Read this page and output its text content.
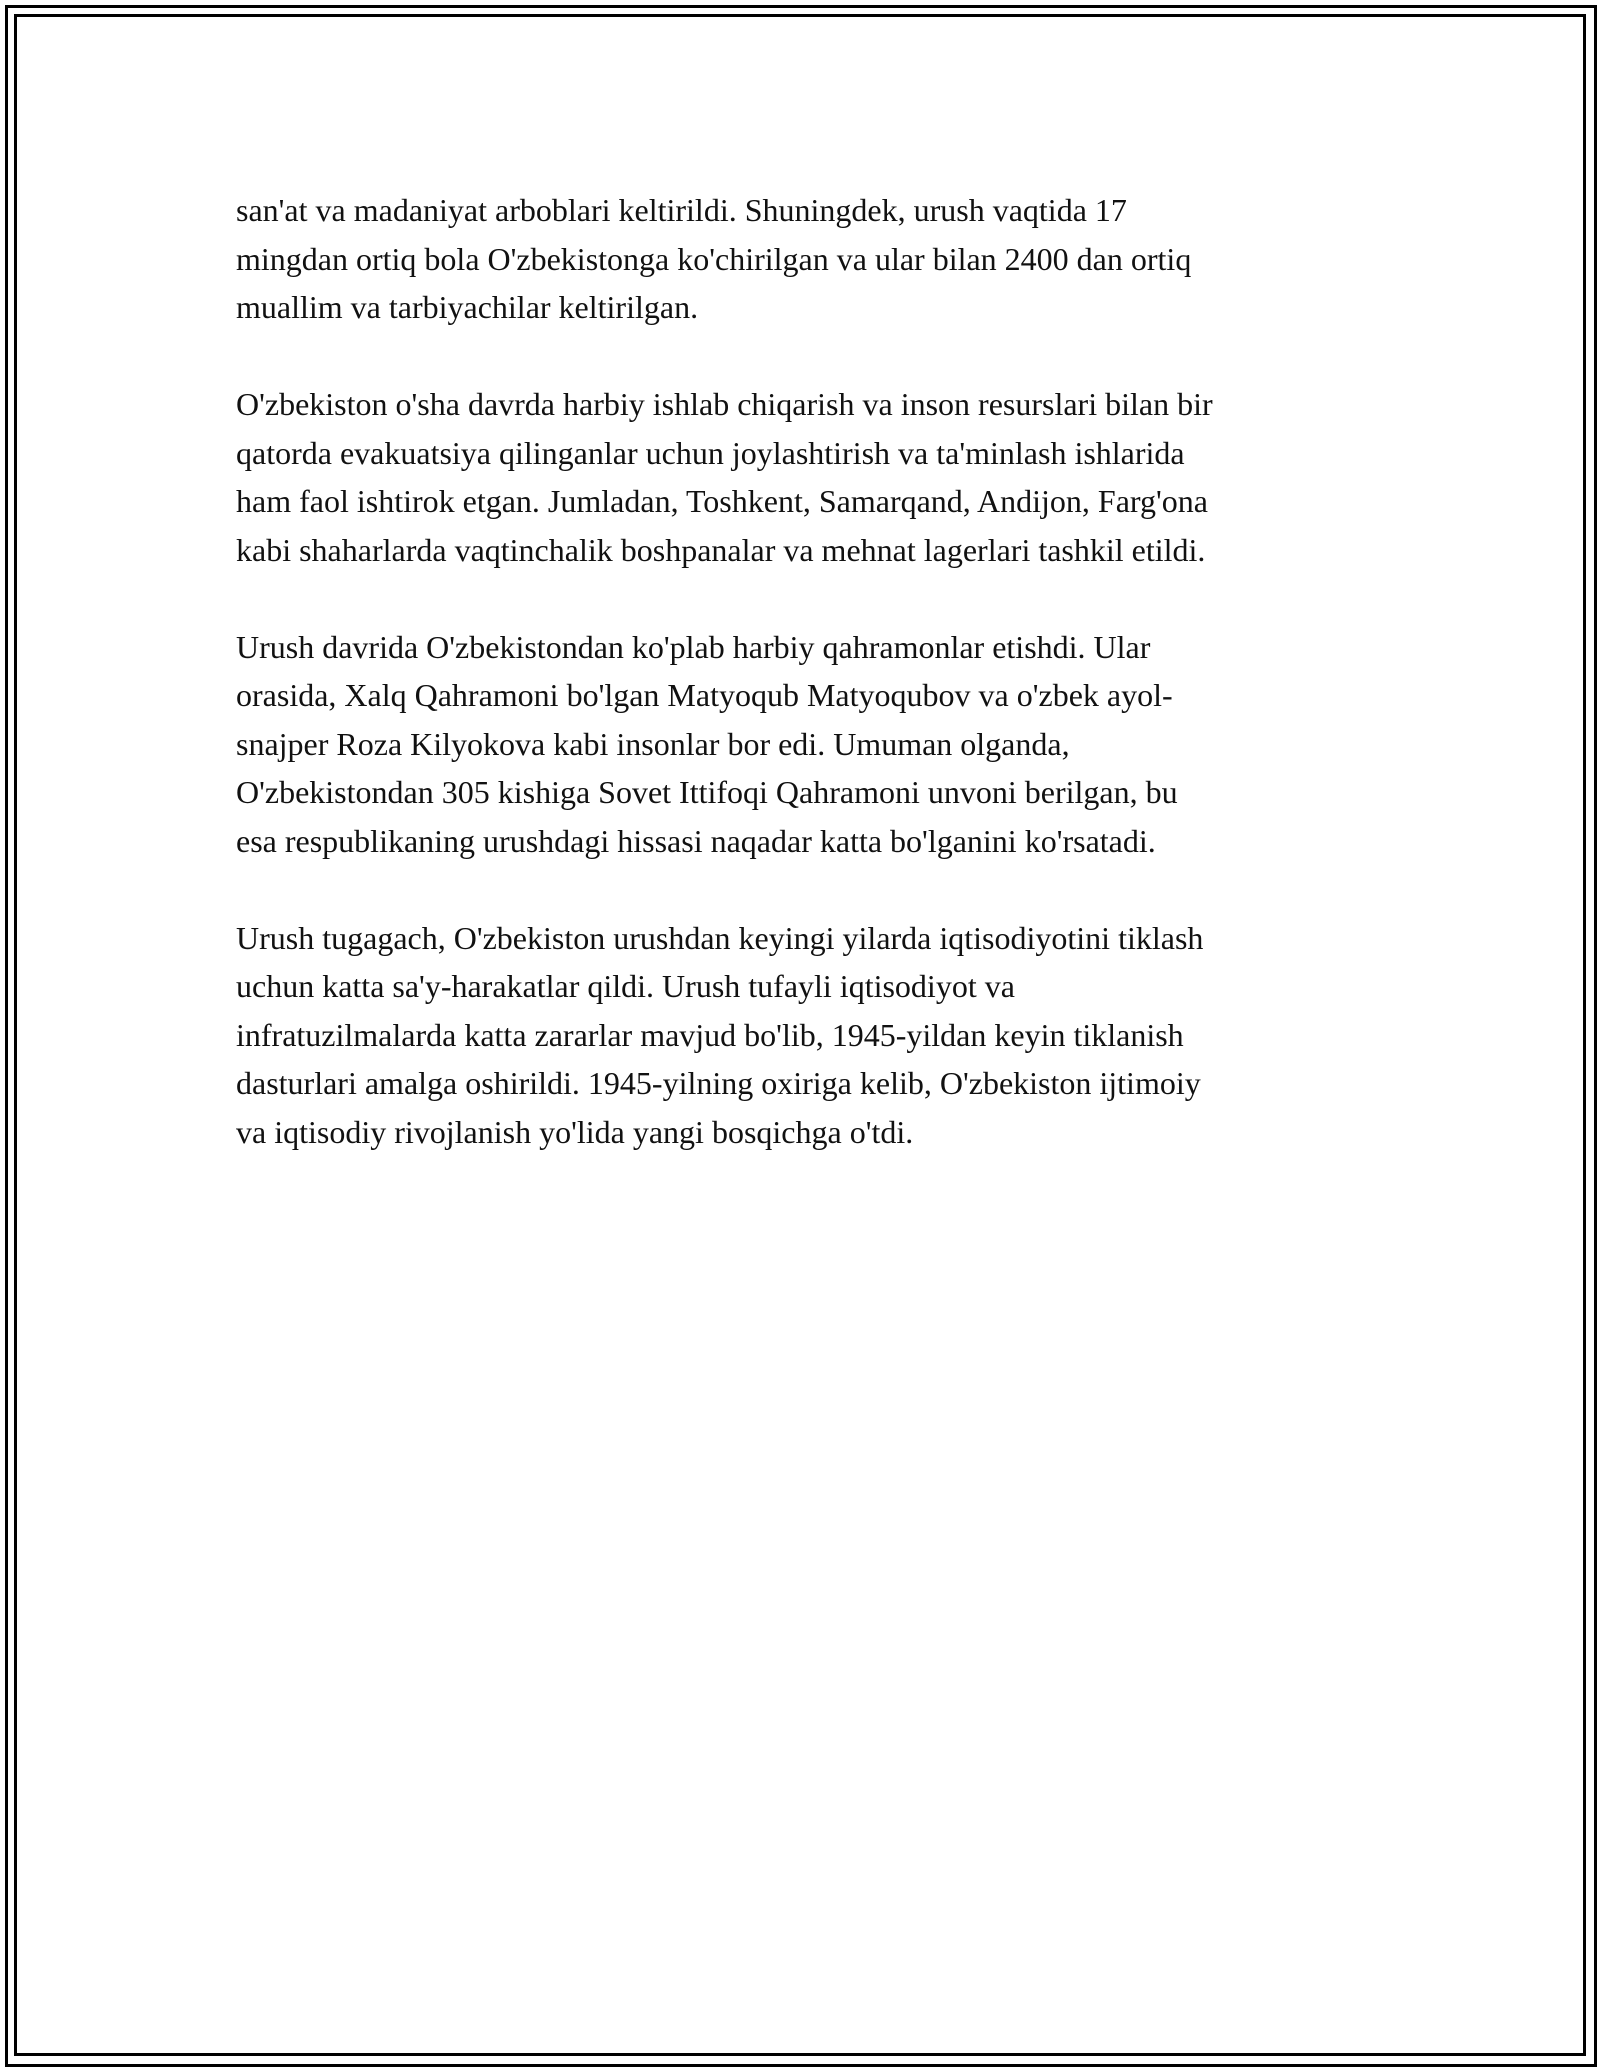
san'at va madaniyat arboblari keltirildi. Shuningdek, urush vaqtida 17
mingdan ortiq bola O'zbekistonga ko'chirilgan va ular bilan 2400 dan ortiq
muallim va tarbiyachilar keltirilgan.

O'zbekiston o'sha davrda harbiy ishlab chiqarish va inson resurslari bilan bir
qatorda evakuatsiya qilinganlar uchun joylashtirish va ta'minlash ishlarida
ham faol ishtirok etgan. Jumladan, Toshkent, Samarqand, Andijon, Farg'ona
kabi shaharlarda vaqtinchalik boshpanalar va mehnat lagerlari tashkil etildi.

Urush davrida O'zbekistondan ko'plab harbiy qahramonlar etishdi. Ular
orasida, Xalq Qahramoni bo'lgan Matyoqub Matyoqubov va o'zbek ayol-
snajper Roza Kilyokova kabi insonlar bor edi. Umuman olganda,
O'zbekistondan 305 kishiga Sovet Ittifoqi Qahramoni unvoni berilgan, bu
esa respublikaning urushdagi hissasi naqadar katta bo'lganini ko'rsatadi.

Urush tugagach, O'zbekiston urushdan keyingi yilarda iqtisodiyotini tiklash
uchun katta sa'y-harakatlar qildi. Urush tufayli iqtisodiyot va
infratuzilmalarda katta zararlar mavjud bo'lib, 1945-yildan keyin tiklanish
dasturlari amalga oshirildi. 1945-yilning oxiriga kelib, O'zbekiston ijtimoiy
va iqtisodiy rivojlanish yo'lida yangi bosqichga o'tdi.
